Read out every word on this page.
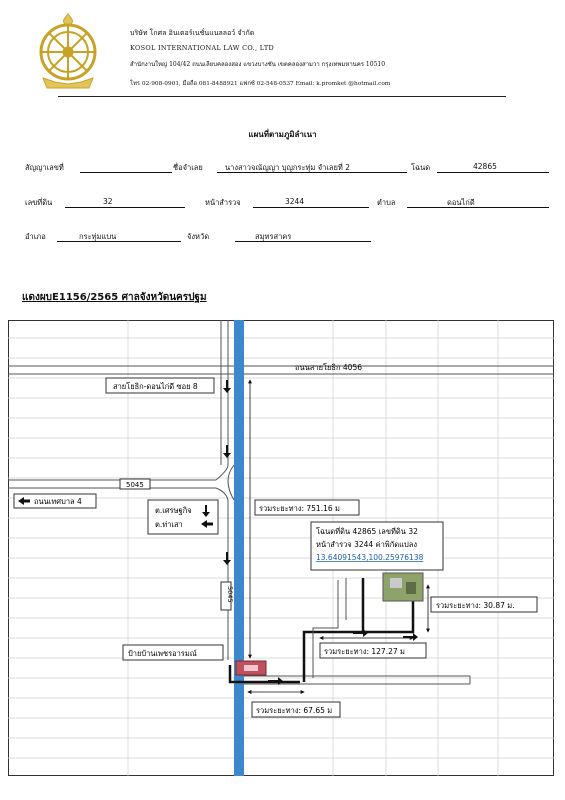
บริษัท โกศล อินเตอร์เนชั่นแนลลอว์ จำกัด
KOSOL INTERNATIONAL LAW CO., LTD
สำนักงานใหญ่ 104/42 ถนนเลียบคลองสอง แขวงบางชัน เขตคลองสามวา กรุงเทพมหานคร 10510
โทร 02-908-0901, มือถือ 081-8488921 แฟกซ์ 02-548-0537 Email: k.promket @hotmail.com
แผนที่ตามภูมิลำเนา
สัญญาเลขที่	ชื่อจำเลย	นางสาวจณัญญา บุญกระทุ่ม จำเลยที่ 2	โฉนด	42865
เลขที่ดิน	32	หน้าสำรวจ	3244	ตำบล	ดอนไก่ดี
อำเภอ	กระทุ่มแบน	จังหวัด	สมุทรสาคร
แดงผบE1156/2565 ศาลจังหวัดนครปฐม
ถนนสายโยธิก 4056
สายโยธิก-ดอนไก่ดี ซอย 8
5045
ถนนเทศบาล 4
ต.เศรษฐกิจ
ต.ท่าเสา
รวมระยะทาง: 751.16 ม
โฉนดที่ดิน 42865 เลขที่ดิน 32
หน้าสำรวจ 3244 ค่าพิกัดแปลง
13.64091543,100.25976138
รวมระยะทาง: 30.87 ม.
รวมระยะทาง: 127.27 ม
รวมระยะทาง: 67.65 ม
5045
ป้ายบ้านเพชรอารมณ์
